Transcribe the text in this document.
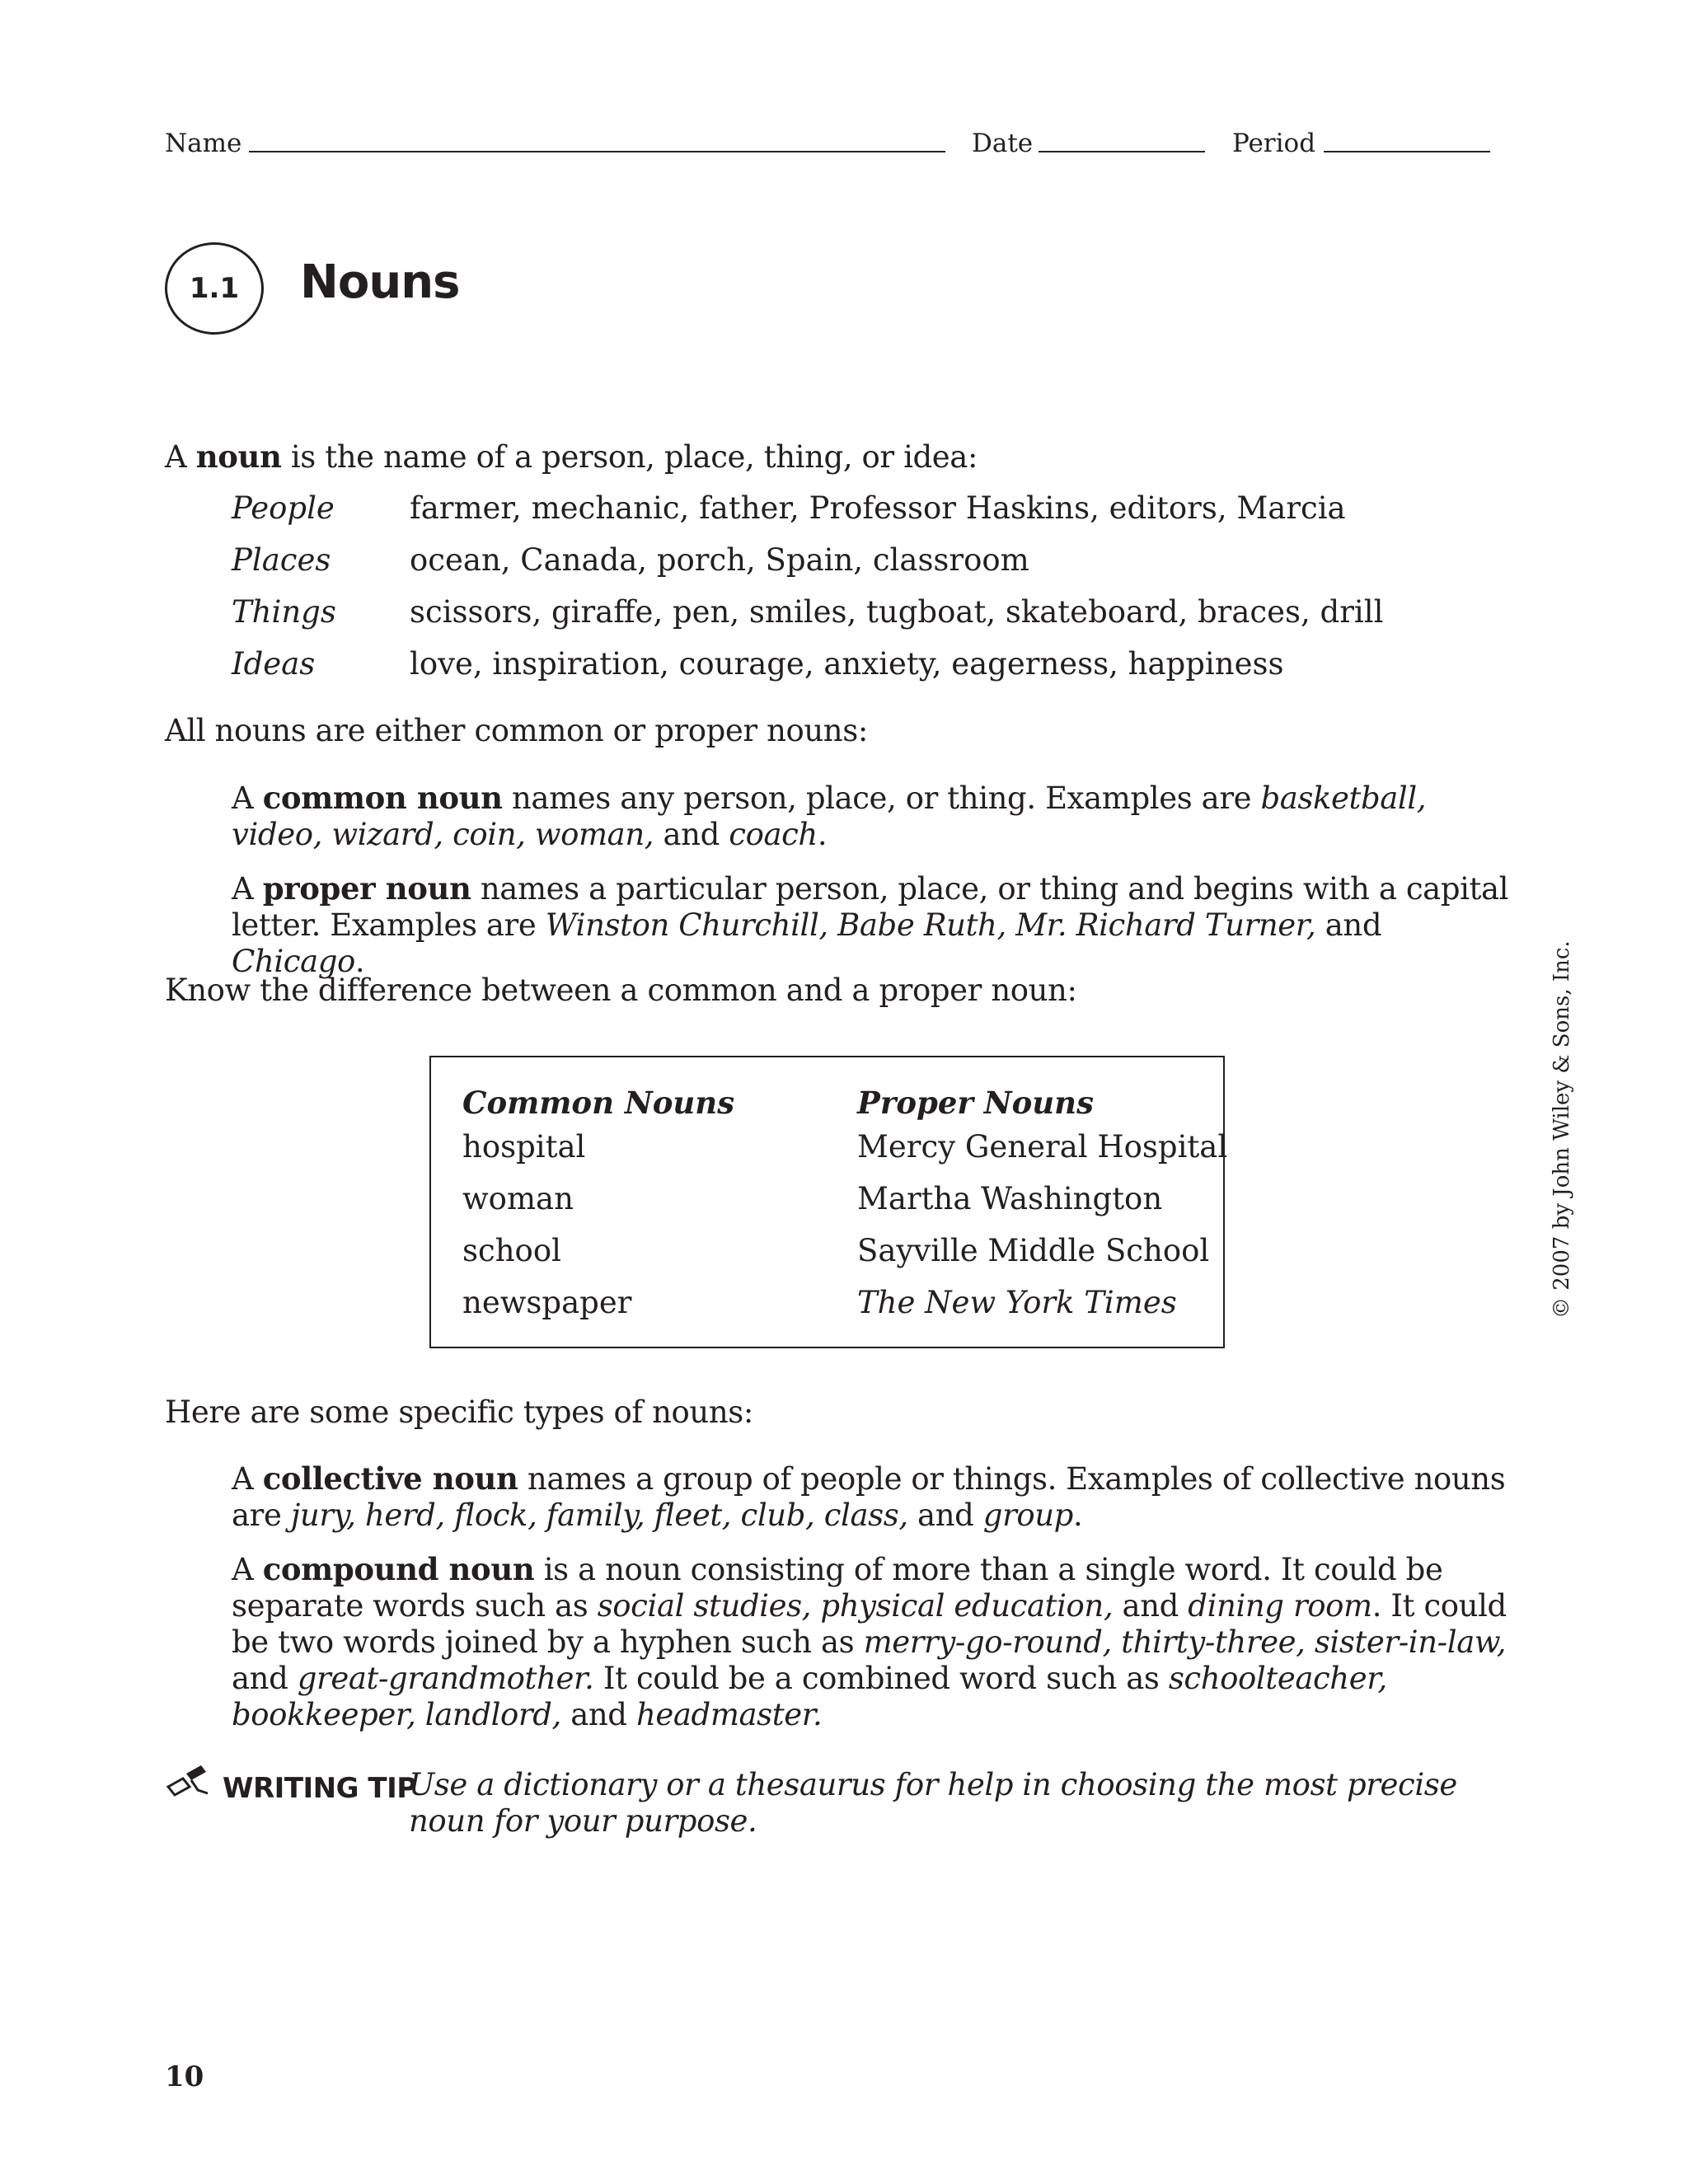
Name	Date	Period
1.1 Nouns
A noun is the name of a person, place, thing, or idea:
People farmer, mechanic, father, Professor Haskins, editors, Marcia
Places	ocean, Canada, porch, Spain, classroom
Things scissors, giraffe, pen, smiles, tugboat, skateboard, braces, drill
Ideas	love, inspiration, courage, anxiety, eagerness, happiness
All nouns are either common or proper nouns:
A common noun names any person, place, or thing. Examples are basketball, video, wizard, coin, woman, and coach.
A proper noun names a particular person, place, or thing and begins with a capital letter. Examples are Winston Churchill, Babe Ruth, Mr. Richard Turner, and Chicago.
Know the difference between a common and a proper noun:
Common Nouns	Proper Nouns
hospital	Mercy General Hospital
woman	Martha Washington
school	Sayville Middle School
newspaper	The New York Times
Here are some specific types of nouns:
A collective noun names a group of people or things. Examples of collective nouns are jury, herd, flock, family, fleet, club, class, and group.
A compound noun is a noun consisting of more than a single word. It could be separate words such as social studies, physical education, and dining room. It could be two words joined by a hyphen such as merry-go-round, thirty-three, sister-in-law, and great-grandmother. It could be a combined word such as schoolteacher, bookkeeper, landlord, and headmaster.
WRITING TIP
Use a dictionary or a thesaurus for help in choosing the most precise noun for your purpose.
© 2007 by John Wiley & Sons, Inc.
10
